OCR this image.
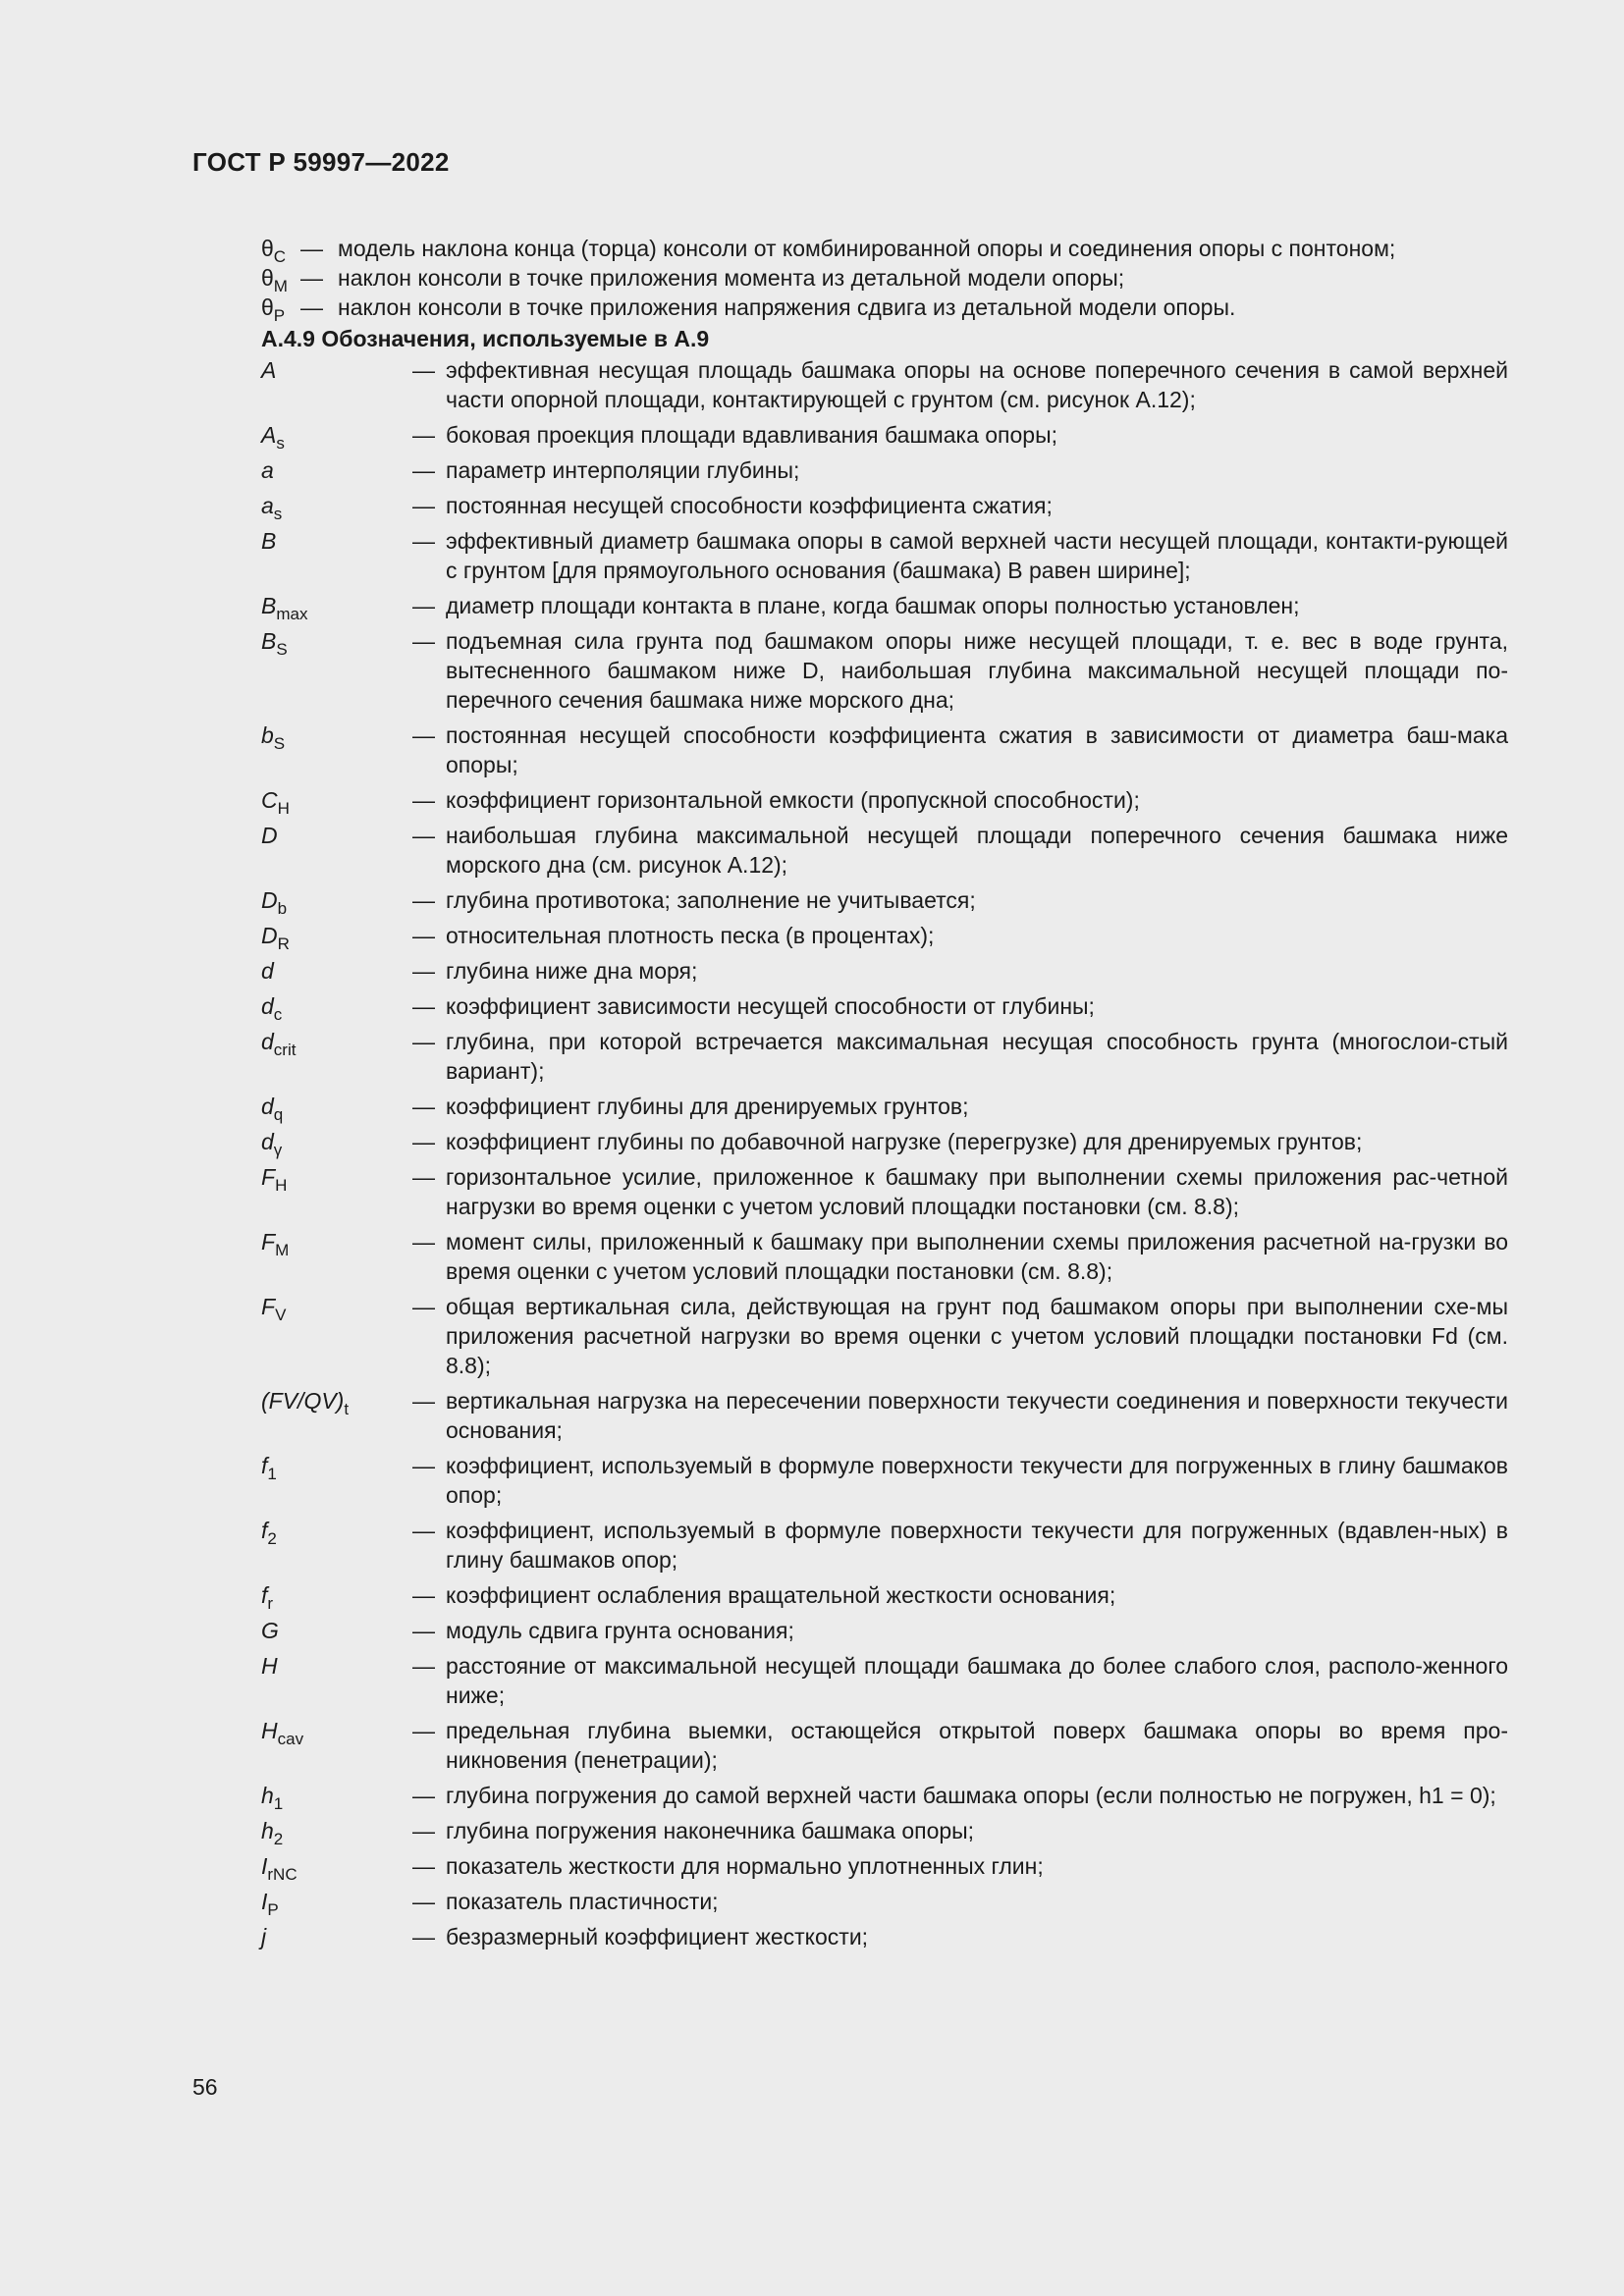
ГОСТ Р 59997—2022
$\theta_C$ — модель наклона конца (торца) консоли от комбинированной опоры и соединения опоры с понтоном;
$\theta_M$ — наклон консоли в точке приложения момента из детальной модели опоры;
$\theta_P$ — наклон консоли в точке приложения напряжения сдвига из детальной модели опоры.
А.4.9 Обозначения, используемые в А.9
A	— эффективная несущая площадь башмака опоры на основе поперечного сечения в самой верхней части опорной площади, контактирующей с грунтом (см. рисунок А.12);
$A_s$	— боковая проекция площади вдавливания башмака опоры;
a	— параметр интерполяции глубины;
$a_s$	— постоянная несущей способности коэффициента сжатия;
B	— эффективный диаметр башмака опоры в самой верхней части несущей площади, контакти-рующей с грунтом [для прямоугольного основания (башмака) B равен ширине];
$B_{max}$	— диаметр площади контакта в плане, когда башмак опоры полностью установлен;
$B_S$	— подъемная сила грунта под башмаком опоры ниже несущей площади, т. е. вес в воде грунта, вытесненного башмаком ниже D, наибольшая глубина максимальной несущей площади по-перечного сечения башмака ниже морского дна;
$b_S$	— постоянная несущей способности коэффициента сжатия в зависимости от диаметра баш-мака опоры;
$C_H$	— коэффициент горизонтальной емкости (пропускной способности);
D	— наибольшая глубина максимальной несущей площади поперечного сечения башмака ниже морского дна (см. рисунок А.12);
$D_b$	— глубина противотока; заполнение не учитывается;
$D_R$	— относительная плотность песка (в процентах);
d	— глубина ниже дна моря;
$d_c$	— коэффициент зависимости несущей способности от глубины;
$d_{crit}$	— глубина, при которой встречается максимальная несущая способность грунта (многослои-стый вариант);
$d_q$	— коэффициент глубины для дренируемых грунтов;
$d_\gamma$	— коэффициент глубины по добавочной нагрузке (перегрузке) для дренируемых грунтов;
$F_H$	— горизонтальное усилие, приложенное к башмаку при выполнении схемы приложения рас-четной нагрузки во время оценки с учетом условий площадки постановки (см. 8.8);
$F_M$	— момент силы, приложенный к башмаку при выполнении схемы приложения расчетной на-грузки во время оценки с учетом условий площадки постановки (см. 8.8);
$F_V$	— общая вертикальная сила, действующая на грунт под башмаком опоры при выполнении схе-мы приложения расчетной нагрузки во время оценки с учетом условий площадки постановки Fd (см. 8.8);
$(FV/QV)_t$	— вертикальная нагрузка на пересечении поверхности текучести соединения и поверхности текучести основания;
$f_1$	— коэффициент, используемый в формуле поверхности текучести для погруженных в глину башмаков опор;
$f_2$	— коэффициент, используемый в формуле поверхности текучести для погруженных (вдавлен-ных) в глину башмаков опор;
$f_r$	— коэффициент ослабления вращательной жесткости основания;
G	— модуль сдвига грунта основания;
H	— расстояние от максимальной несущей площади башмака до более слабого слоя, располо-женного ниже;
$H_{cav}$	— предельная глубина выемки, остающейся открытой поверх башмака опоры во время про-никновения (пенетрации);
$h_1$	— глубина погружения до самой верхней части башмака опоры (если полностью не погружен, h1 = 0);
$h_2$	— глубина погружения наконечника башмака опоры;
$I_{rNC}$	— показатель жесткости для нормально уплотненных глин;
$I_P$	— показатель пластичности;
j	— безразмерный коэффициент жесткости;
56
